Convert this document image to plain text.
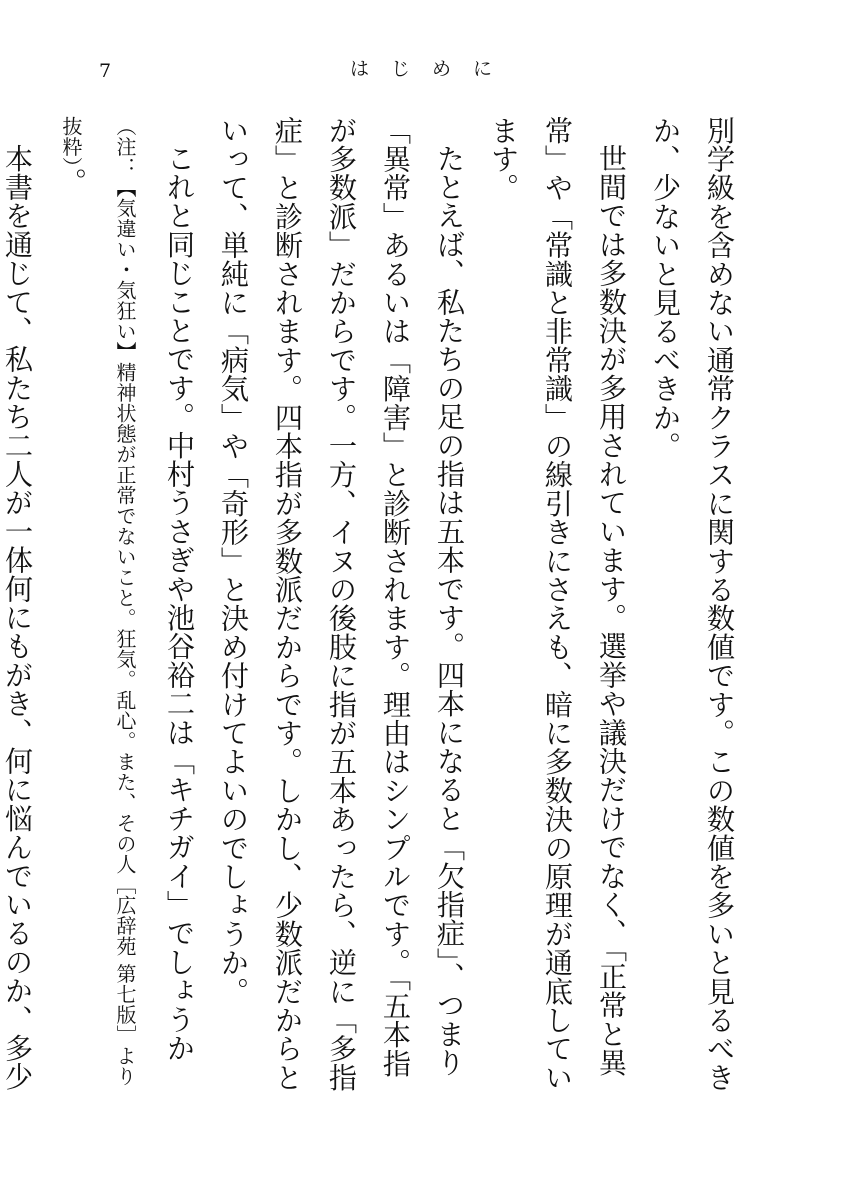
7	はじめに

別学級を含めない通常クラスに関する数値です。この数値を多いと見るべきか、少ないと見るべきか。

世間では多数決が多用されています。選挙や議決だけでなく、「正常と異常」や「常識と非常識」の線引きにさえも、暗に多数決の原理が通底しています。

たとえば、私たちの足の指は五本です。四本になると「欠指症」、つまり「異常」あるいは「障害」と診断されます。理由はシンプルです。「五本指が多数派」だからです。一方、イヌの後肢に指が五本あったら、逆に「多指症」と診断されます。四本指が多数派だからです。しかし、少数派だからといって、単純に「病気」や「奇形」と決め付けてよいのでしょうか。

これと同じことです。中村うさぎや池谷裕二は「キチガイ」でしょうか（注：【気違い・気狂い】精神状態が正常でないこと。狂気。乱心。また、その人［広辞苑 第七版］より抜粋）。

本書を通じて、私たち二人が一体何にもがき、何に悩んでいるのか、多少
